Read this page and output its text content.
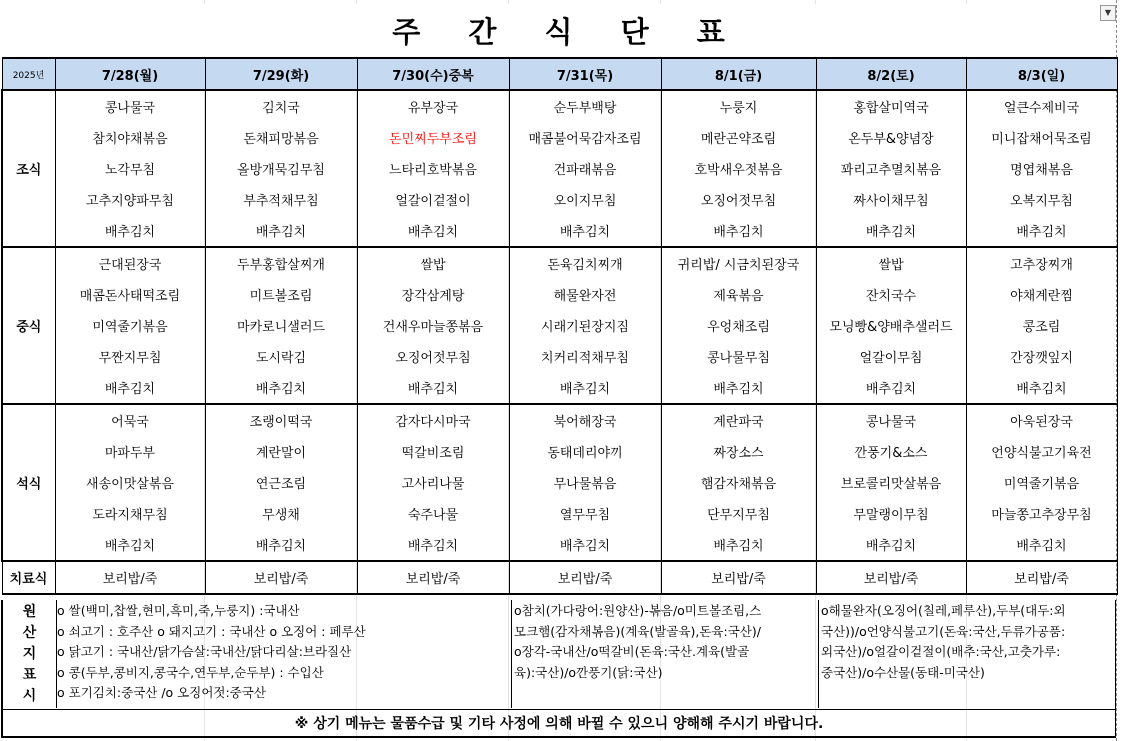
주 간 식 단 표
▼
2025년	7/28(월)	7/29(화)	7/30(수)중복	7/31(목)	8/1(금)	8/2(토)	8/3(일)
조식	콩나물국	김치국	유부장국	순두부백탕	누룽지	홍합살미역국	얼큰수제비국
	참치야채볶음	돈채피망볶음	돈민찌두부조림	매콤불어묵감자조림	메란곤약조림	온두부&양념장	미니잡채어묵조림
	노각무침	올방개묵김무침	느타리호박볶음	건파래볶음	호박새우젓볶음	꽈리고추멸치볶음	명엽채볶음
	고추지양파무침	부추적채무침	얼갈이겉절이	오이지무침	오징어젓무침	짜사이채무침	오복지무침
	배추김치	배추김치	배추김치	배추김치	배추김치	배추김치	배추김치
중식	근대된장국	두부홍합살찌개	쌀밥	돈육김치찌개	귀리밥/ 시금치된장국	쌀밥	고추장찌개
	매콤돈사태떡조림	미트볼조림	장각삼계탕	해물완자전	제육볶음	잔치국수	야채계란찜
	미역줄기볶음	마카로니샐러드	건새우마늘쫑볶음	시래기된장지짐	우엉채조림	모닝빵&양배추샐러드	콩조림
	무짠지무침	도시락김	오징어젓무침	치커리적채무침	콩나물무침	얼갈이무침	간장깻잎지
	배추김치	배추김치	배추김치	배추김치	배추김치	배추김치	배추김치
석식	어묵국	조랭이떡국	감자다시마국	북어해장국	계란파국	콩나물국	아욱된장국
	마파두부	계란말이	떡갈비조림	동태데리야끼	짜장소스	깐풍기&소스	언양식불고기육전
	새송이맛살볶음	연근조림	고사리나물	무나물볶음	햄감자채볶음	브로콜리맛살볶음	미역줄기볶음
	도라지채무침	무생채	숙주나물	열무무침	단무지무침	무말랭이무침	마늘쫑고추장무침
	배추김치	배추김치	배추김치	배추김치	배추김치	배추김치	배추김치
치료식	보리밥/죽	보리밥/죽	보리밥/죽	보리밥/죽	보리밥/죽	보리밥/죽	보리밥/죽
원
산
지
표
시
o 쌀(백미,찹쌀,현미,흑미,죽,누룽지) :국내산
o 쇠고기 : 호주산 o 돼지고기 : 국내산 o 오징어 : 페루산
o 닭고기 : 국내산/닭가슴살:국내산/닭다리살:브라질산
o 콩(두부,콩비지,콩국수,연두부,순두부) : 수입산
o 포기김치:중국산 /o 오징어젓:중국산
o참치(가다랑어:원양산)-볶음/o미트볼조림,스
모크햄(감자채볶음)(계육(발골육),돈육:국산)/
o장각-국내산/o떡갈비(돈육:국산.계육(발골
육):국산)/o깐풍기(닭:국산)
o해물완자(오징어(칠레,페루산),두부(대두:외
국산))/o언양식불고기(돈육:국산,두류가공품:
외국산)/o얼갈이겉절이(배추:국산,고춧가루:
중국산)/o수산물(동태-미국산)
※ 상기 메뉴는 물품수급 및 기타 사정에 의해 바뀔 수 있으니 양해해 주시기 바랍니다.
